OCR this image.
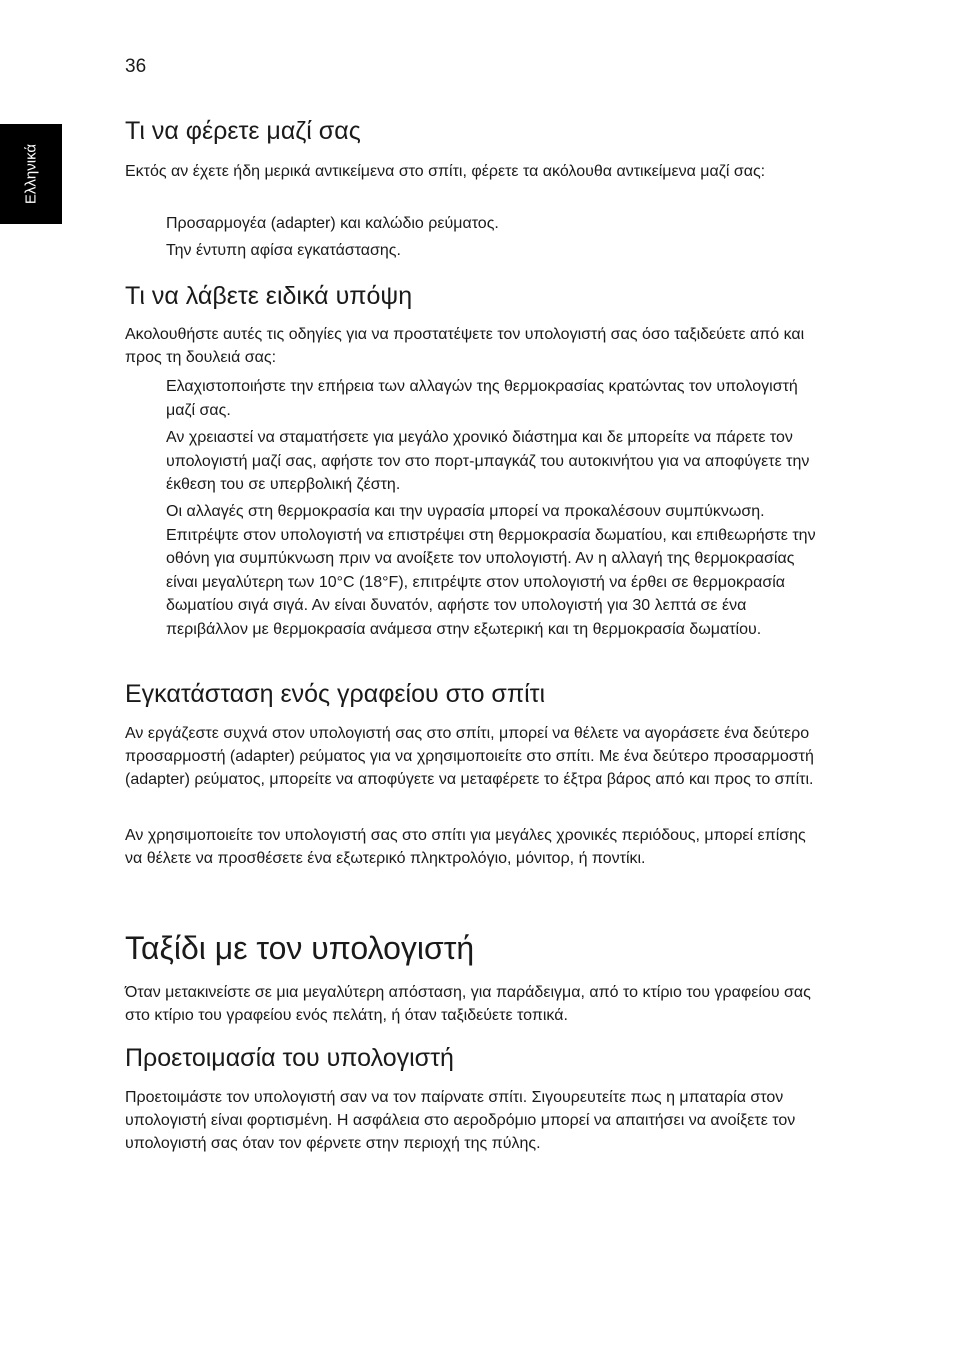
36
Ελληνικά
Τι να φέρετε μαζί σας

Εκτός αν έχετε ήδη μερικά αντικείμενα στο σπίτι, φέρετε τα ακόλουθα αντικείμενα μαζί σας:

Προσαρμογέα (adapter) και καλώδιο ρεύματος.

Την έντυπη αφίσα εγκατάστασης.

Τι να λάβετε ειδικά υπόψη

Ακολουθήστε αυτές τις οδηγίες για να προστατέψετε τον υπολογιστή σας όσο ταξιδεύετε από και προς τη δουλειά σας:

Ελαχιστοποιήστε την επήρεια των αλλαγών της θερμοκρασίας κρατώντας τον υπολογιστή μαζί σας.

Αν χρειαστεί να σταματήσετε για μεγάλο χρονικό διάστημα και δε μπορείτε να πάρετε τον υπολογιστή μαζί σας, αφήστε τον στο πορτ-μπαγκάζ του αυτοκινήτου για να αποφύγετε την έκθεση του σε υπερβολική ζέστη.

Οι αλλαγές στη θερμοκρασία και την υγρασία μπορεί να προκαλέσουν συμπύκνωση. Επιτρέψτε στον υπολογιστή να επιστρέψει στη θερμοκρασία δωματίου, και επιθεωρήστε την οθόνη για συμπύκνωση πριν να ανοίξετε τον υπολογιστή. Αν η αλλαγή της θερμοκρασίας είναι μεγαλύτερη των 10°C (18°F), επιτρέψτε στον υπολογιστή να έρθει σε θερμοκρασία δωματίου σιγά σιγά. Αν είναι δυνατόν, αφήστε τον υπολογιστή για 30 λεπτά σε ένα περιβάλλον με θερμοκρασία ανάμεσα στην εξωτερική και τη θερμοκρασία δωματίου.

Εγκατάσταση ενός γραφείου στο σπίτι

Αν εργάζεστε συχνά στον υπολογιστή σας στο σπίτι, μπορεί να θέλετε να αγοράσετε ένα δεύτερο προσαρμοστή (adapter) ρεύματος για να χρησιμοποιείτε στο σπίτι. Με ένα δεύτερο προσαρμοστή (adapter) ρεύματος, μπορείτε να αποφύγετε να μεταφέρετε το έξτρα βάρος από και προς το σπίτι.

Αν χρησιμοποιείτε τον υπολογιστή σας στο σπίτι για μεγάλες χρονικές περιόδους, μπορεί επίσης να θέλετε να προσθέσετε ένα εξωτερικό πληκτρολόγιο, μόνιτορ, ή ποντίκι.

Ταξίδι με τον υπολογιστή

Όταν μετακινείστε σε μια μεγαλύτερη απόσταση, για παράδειγμα, από το κτίριο του γραφείου σας στο κτίριο του γραφείου ενός πελάτη, ή όταν ταξιδεύετε τοπικά.

Προετοιμασία του υπολογιστή

Προετοιμάστε τον υπολογιστή σαν να τον παίρνατε σπίτι. Σιγουρευτείτε πως η μπαταρία στον υπολογιστή είναι φορτισμένη. Η ασφάλεια στο αεροδρόμιο μπορεί να απαιτήσει να ανοίξετε τον υπολογιστή σας όταν τον φέρνετε στην περιοχή της πύλης.
